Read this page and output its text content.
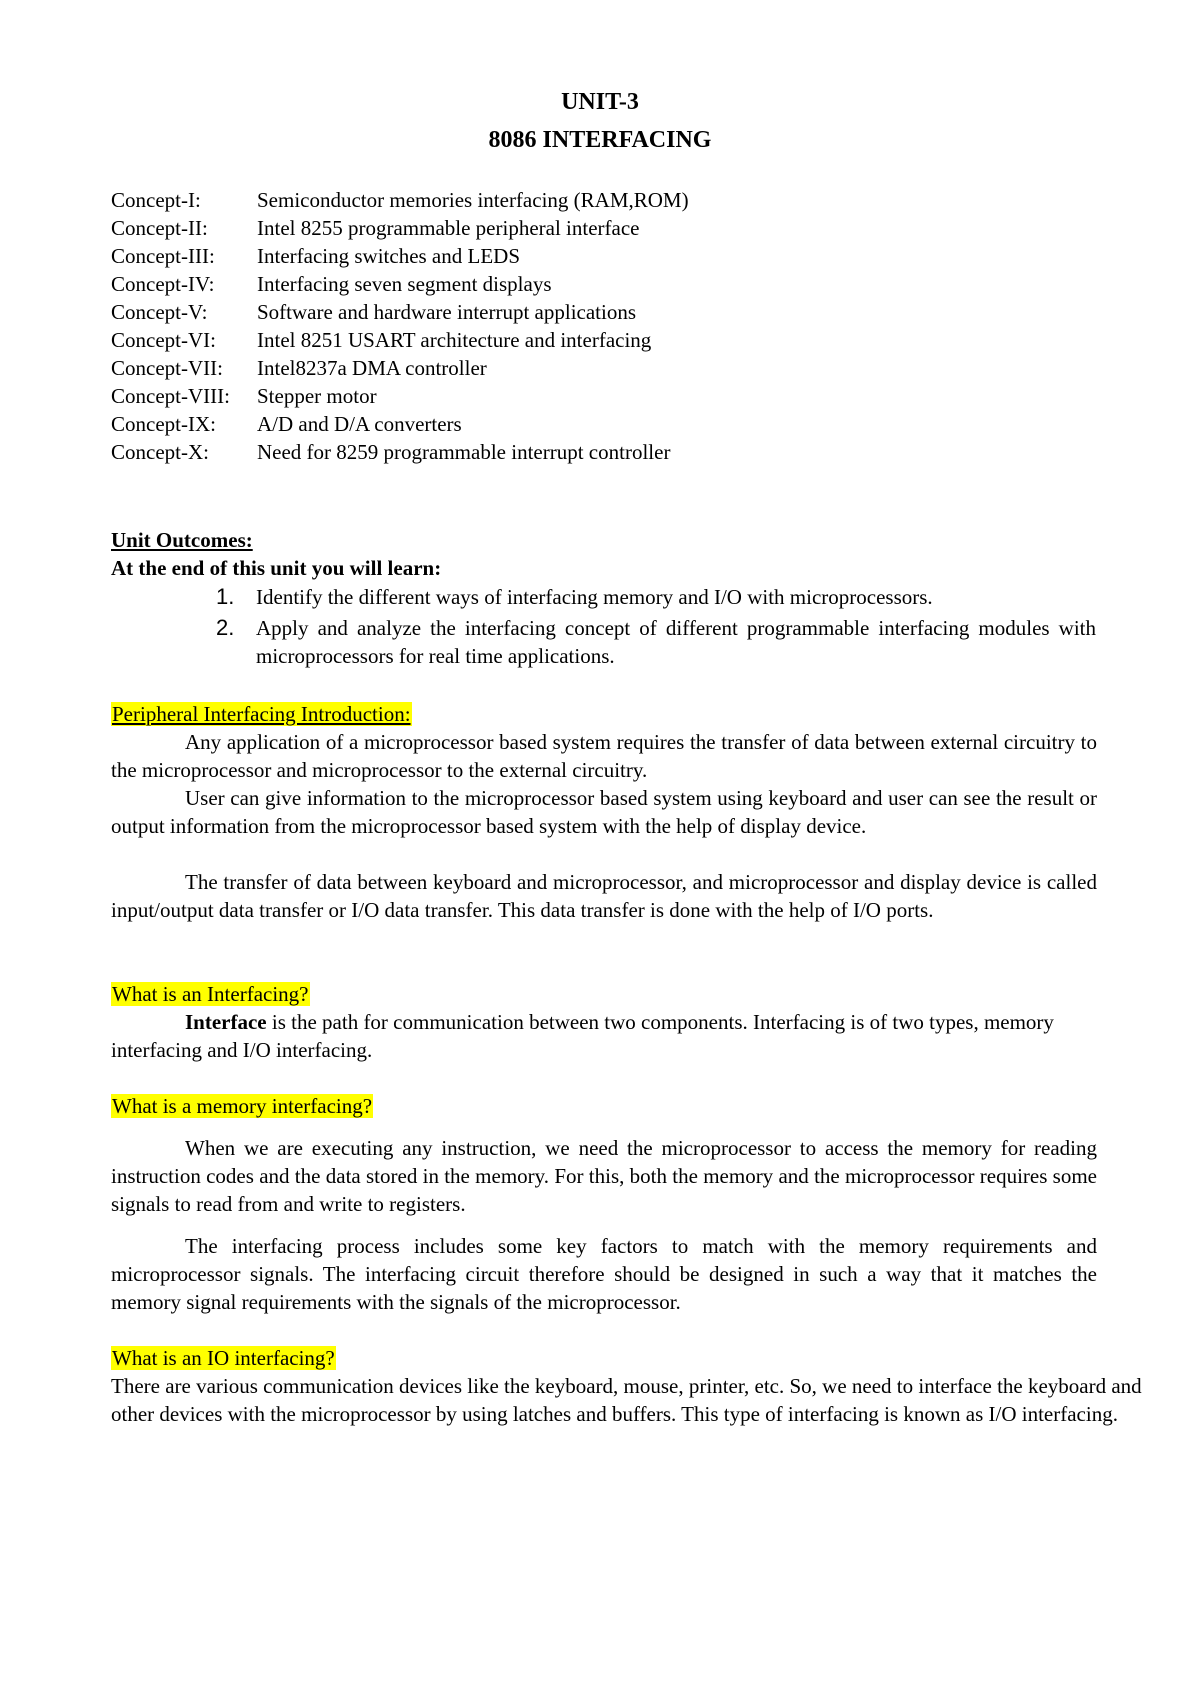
UNIT-3
8086 INTERFACING
Concept-I:	Semiconductor memories interfacing (RAM,ROM)
Concept-II: Intel 8255 programmable peripheral interface
Concept-III: Interfacing switches and LEDS
Concept-IV: Interfacing seven segment displays
Concept-V: Software and hardware interrupt applications
Concept-VI: Intel 8251 USART architecture and interfacing
Concept-VII: Intel8237a DMA controller
Concept-VIII: Stepper motor
Concept-IX: A/D and D/A converters
Concept-X: Need for 8259 programmable interrupt controller
Unit Outcomes:
At the end of this unit you will learn:
1. Identify the different ways of interfacing memory and I/O with microprocessors.
2. Apply and analyze the interfacing concept of different programmable interfacing modules with microprocessors for real time applications.
Peripheral Interfacing Introduction:
Any application of a microprocessor based system requires the transfer of data between external circuitry to the microprocessor and microprocessor to the external circuitry.
User can give information to the microprocessor based system using keyboard and user can see the result or output information from the microprocessor based system with the help of display device.
The transfer of data between keyboard and microprocessor, and microprocessor and display device is called input/output data transfer or I/O data transfer. This data transfer is done with the help of I/O ports.
What is an Interfacing?
Interface is the path for communication between two components. Interfacing is of two types, memory interfacing and I/O interfacing.
What is a memory interfacing?
When we are executing any instruction, we need the microprocessor to access the memory for reading instruction codes and the data stored in the memory. For this, both the memory and the microprocessor requires some signals to read from and write to registers.
The interfacing process includes some key factors to match with the memory requirements and microprocessor signals. The interfacing circuit therefore should be designed in such a way that it matches the memory signal requirements with the signals of the microprocessor.
What is an IO interfacing?
There are various communication devices like the keyboard, mouse, printer, etc. So, we need to interface the keyboard and other devices with the microprocessor by using latches and buffers. This type of interfacing is known as I/O interfacing.
